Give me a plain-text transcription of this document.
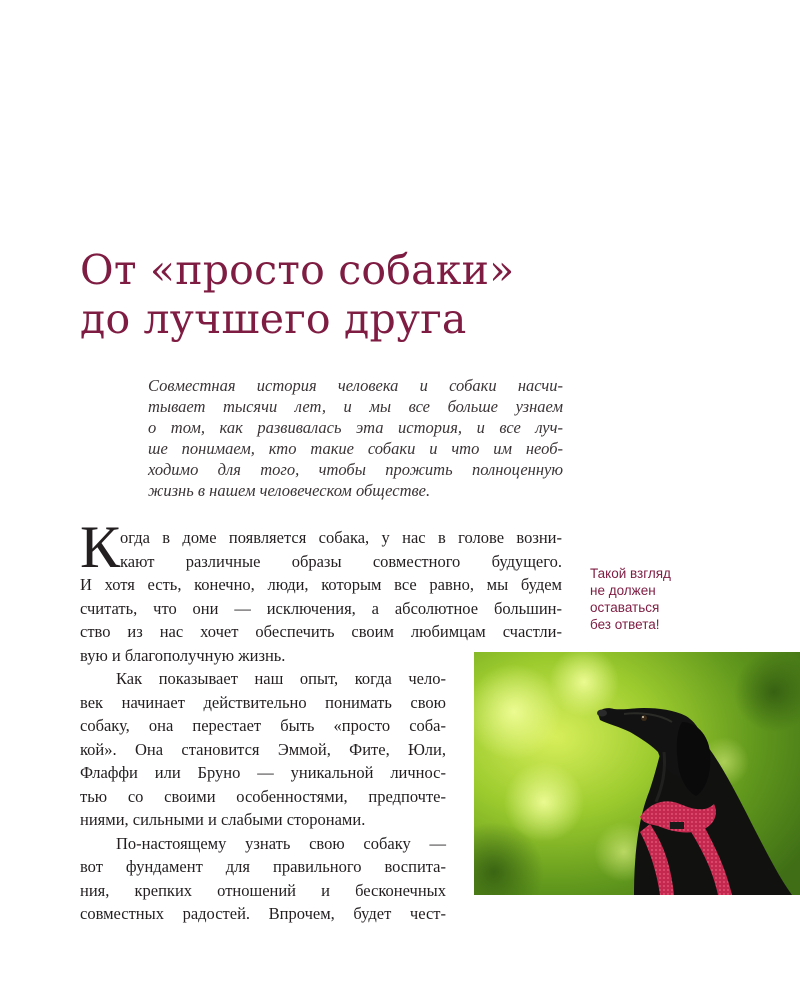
От «просто собаки»
до лучшего друга
Совместная история человека и собаки насчи-
тывает тысячи лет, и мы все больше узнаем
о том, как развивалась эта история, и все луч-
ше понимаем, кто такие собаки и что им необ-
ходимо для того, чтобы прожить полноценную
жизнь в нашем человеческом обществе.
К огда в доме появляется собака, у нас в голове возни-
кают различные образы совместного будущего.
И хотя есть, конечно, люди, которым все равно, мы будем
считать, что они — исключения, а абсолютное большин-
ство из нас хочет обеспечить своим любимцам счастли-
вую и благополучную жизнь.
Как показывает наш опыт, когда чело-
век начинает действительно понимать свою
собаку, она перестает быть «просто соба-
кой». Она становится Эммой, Фите, Юли,
Флаффи или Бруно — уникальной личнос-
тью со своими особенностями, предпочте-
ниями, сильными и слабыми сторонами.
По-настоящему узнать свою собаку —
вот фундамент для правильного воспита-
ния, крепких отношений и бесконечных
совместных радостей. Впрочем, будет чест-
Такой взгляд
не должен
оставаться
без ответа!
